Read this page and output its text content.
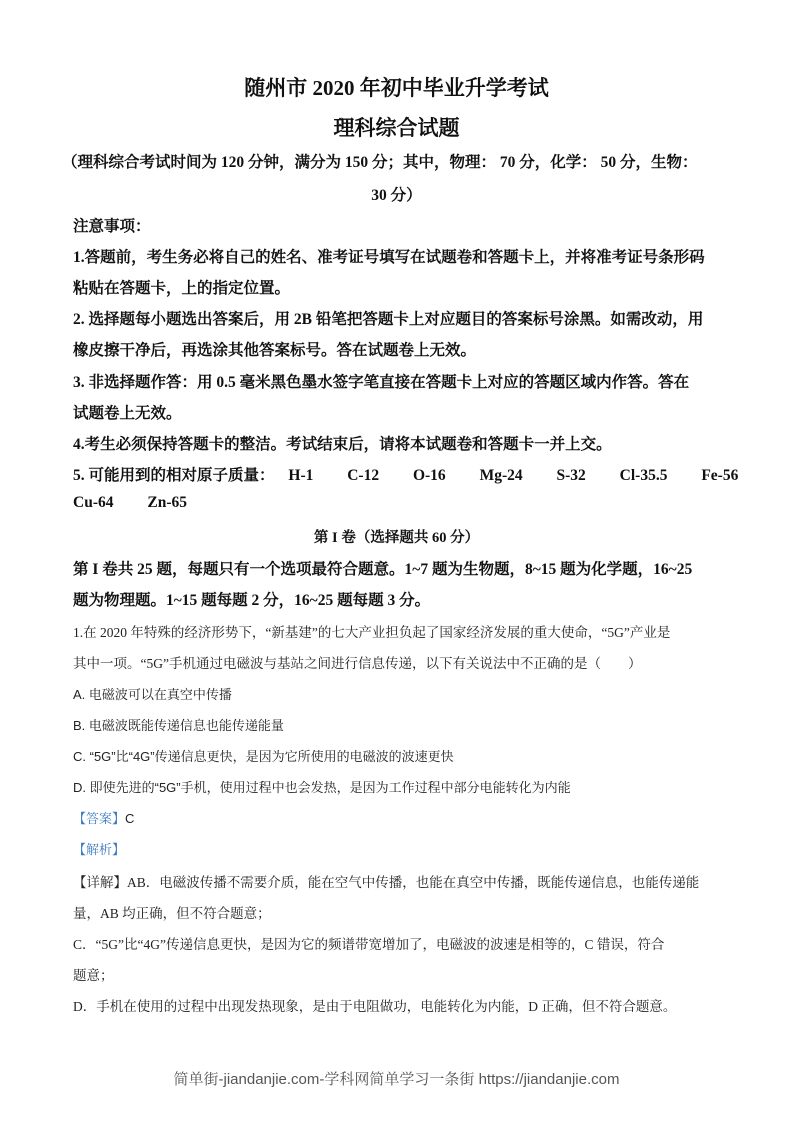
随州市 2020 年初中毕业升学考试
理科综合试题
（理科综合考试时间为 120 分钟，满分为 150 分；其中，物理： 70 分，化学： 50 分，生物：
30 分）
注意事项：
1.答题前，考生务必将自己的姓名、准考证号填写在试题卷和答题卡上，并将准考证号条形码
粘贴在答题卡，上的指定位置。
2. 选择题每小题选出答案后，用 2B 铅笔把答题卡上对应题目的答案标号涂黑。如需改动，用
橡皮擦干净后，再选涂其他答案标号。答在试题卷上无效。
3. 非选择题作答：用 0.5 毫米黑色墨水签字笔直接在答题卡上对应的答题区域内作答。答在
试题卷上无效。
4.考生必须保持答题卡的整洁。考试结束后，请将本试题卷和答题卡一并上交。
5. 可能用到的相对原子质量： H-1 C-12 O-16 Mg-24 S-32 Cl-35.5 Fe-56
Cu-64 Zn-65
第 I 卷（选择题共 60 分）
第 I 卷共 25 题，每题只有一个选项最符合题意。1~7 题为生物题，8~15 题为化学题，16~25
题为物理题。1~15 题每题 2 分，16~25 题每题 3 分。
1.在 2020 年特殊的经济形势下，“新基建”的七大产业担负起了国家经济发展的重大使命，“5G”产业是
其中一项。“5G”手机通过电磁波与基站之间进行信息传递，以下有关说法中不正确的是（　　）
A. 电磁波可以在真空中传播
B. 电磁波既能传递信息也能传递能量
C. “5G”比“4G”传递信息更快，是因为它所使用的电磁波的波速更快
D. 即使先进的“5G”手机，使用过程中也会发热，是因为工作过程中部分电能转化为内能
【答案】C
【解析】
【详解】AB．电磁波传播不需要介质，能在空气中传播，也能在真空中传播，既能传递信息，也能传递能
量，AB 均正确，但不符合题意；
C．“5G”比“4G”传递信息更快，是因为它的频谱带宽增加了，电磁波的波速是相等的，C 错误，符合
题意；
D．手机在使用的过程中出现发热现象，是由于电阻做功，电能转化为内能，D 正确，但不符合题意。
简单街-jiandanjie.com-学科网简单学习一条街 https://jiandanjie.com
